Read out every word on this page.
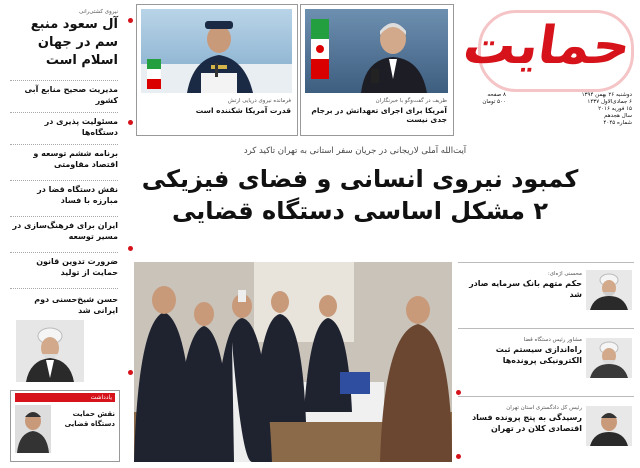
حمایت
دوشنبه ۲۶ بهمن ۱۳۹۴
۶ جمادی‌الاول ۱۴۳۷
۱۵ فوریه ۲۰۱۶
سال هجدهم
شماره ۴۰۴۵
۸ صفحه
۵۰۰ تومان
ظریف در گفت‌وگو با خبرنگاران
آمریکا برای اجرای تعهداتش در برجام جدی نیست
فرمانده نیروی دریایی ارتش
قدرت آمریکا شکننده است
نیروی کشتی‌رانی
آل سعود منبع سم در جهان اسلام است
مدیریت صحیح منابع آبی کشور
مسئولیت پذیری در دستگاه‌ها
برنامه ششم توسعه و اقتصاد مقاومتی
نقش دستگاه قضا در مبارزه با فساد
ایران برای فرهنگ‌سازی در مسیر توسعه
ضرورت تدوین قانون حمایت از تولید
حسن شیخ‌حسنی دوم ایرانی شد
یادداشت
نقش حمایت دستگاه قضایی
آیت‌الله آملی لاریجانی در جریان سفر استانی به تهران تاکید کرد
کمبود نیروی انسانی و فضای فیزیکی
۲ مشکل اساسی دستگاه قضایی
محسنی اژه‌ای:
حکم متهم بانک سرمایه صادر شد
مشاور رئیس دستگاه قضا
راه‌اندازی سیستم ثبت الکترونیکی پرونده‌ها
رئیس کل دادگستری استان تهران
رسیدگی به پنج پرونده فساد اقتصادی کلان در تهران
